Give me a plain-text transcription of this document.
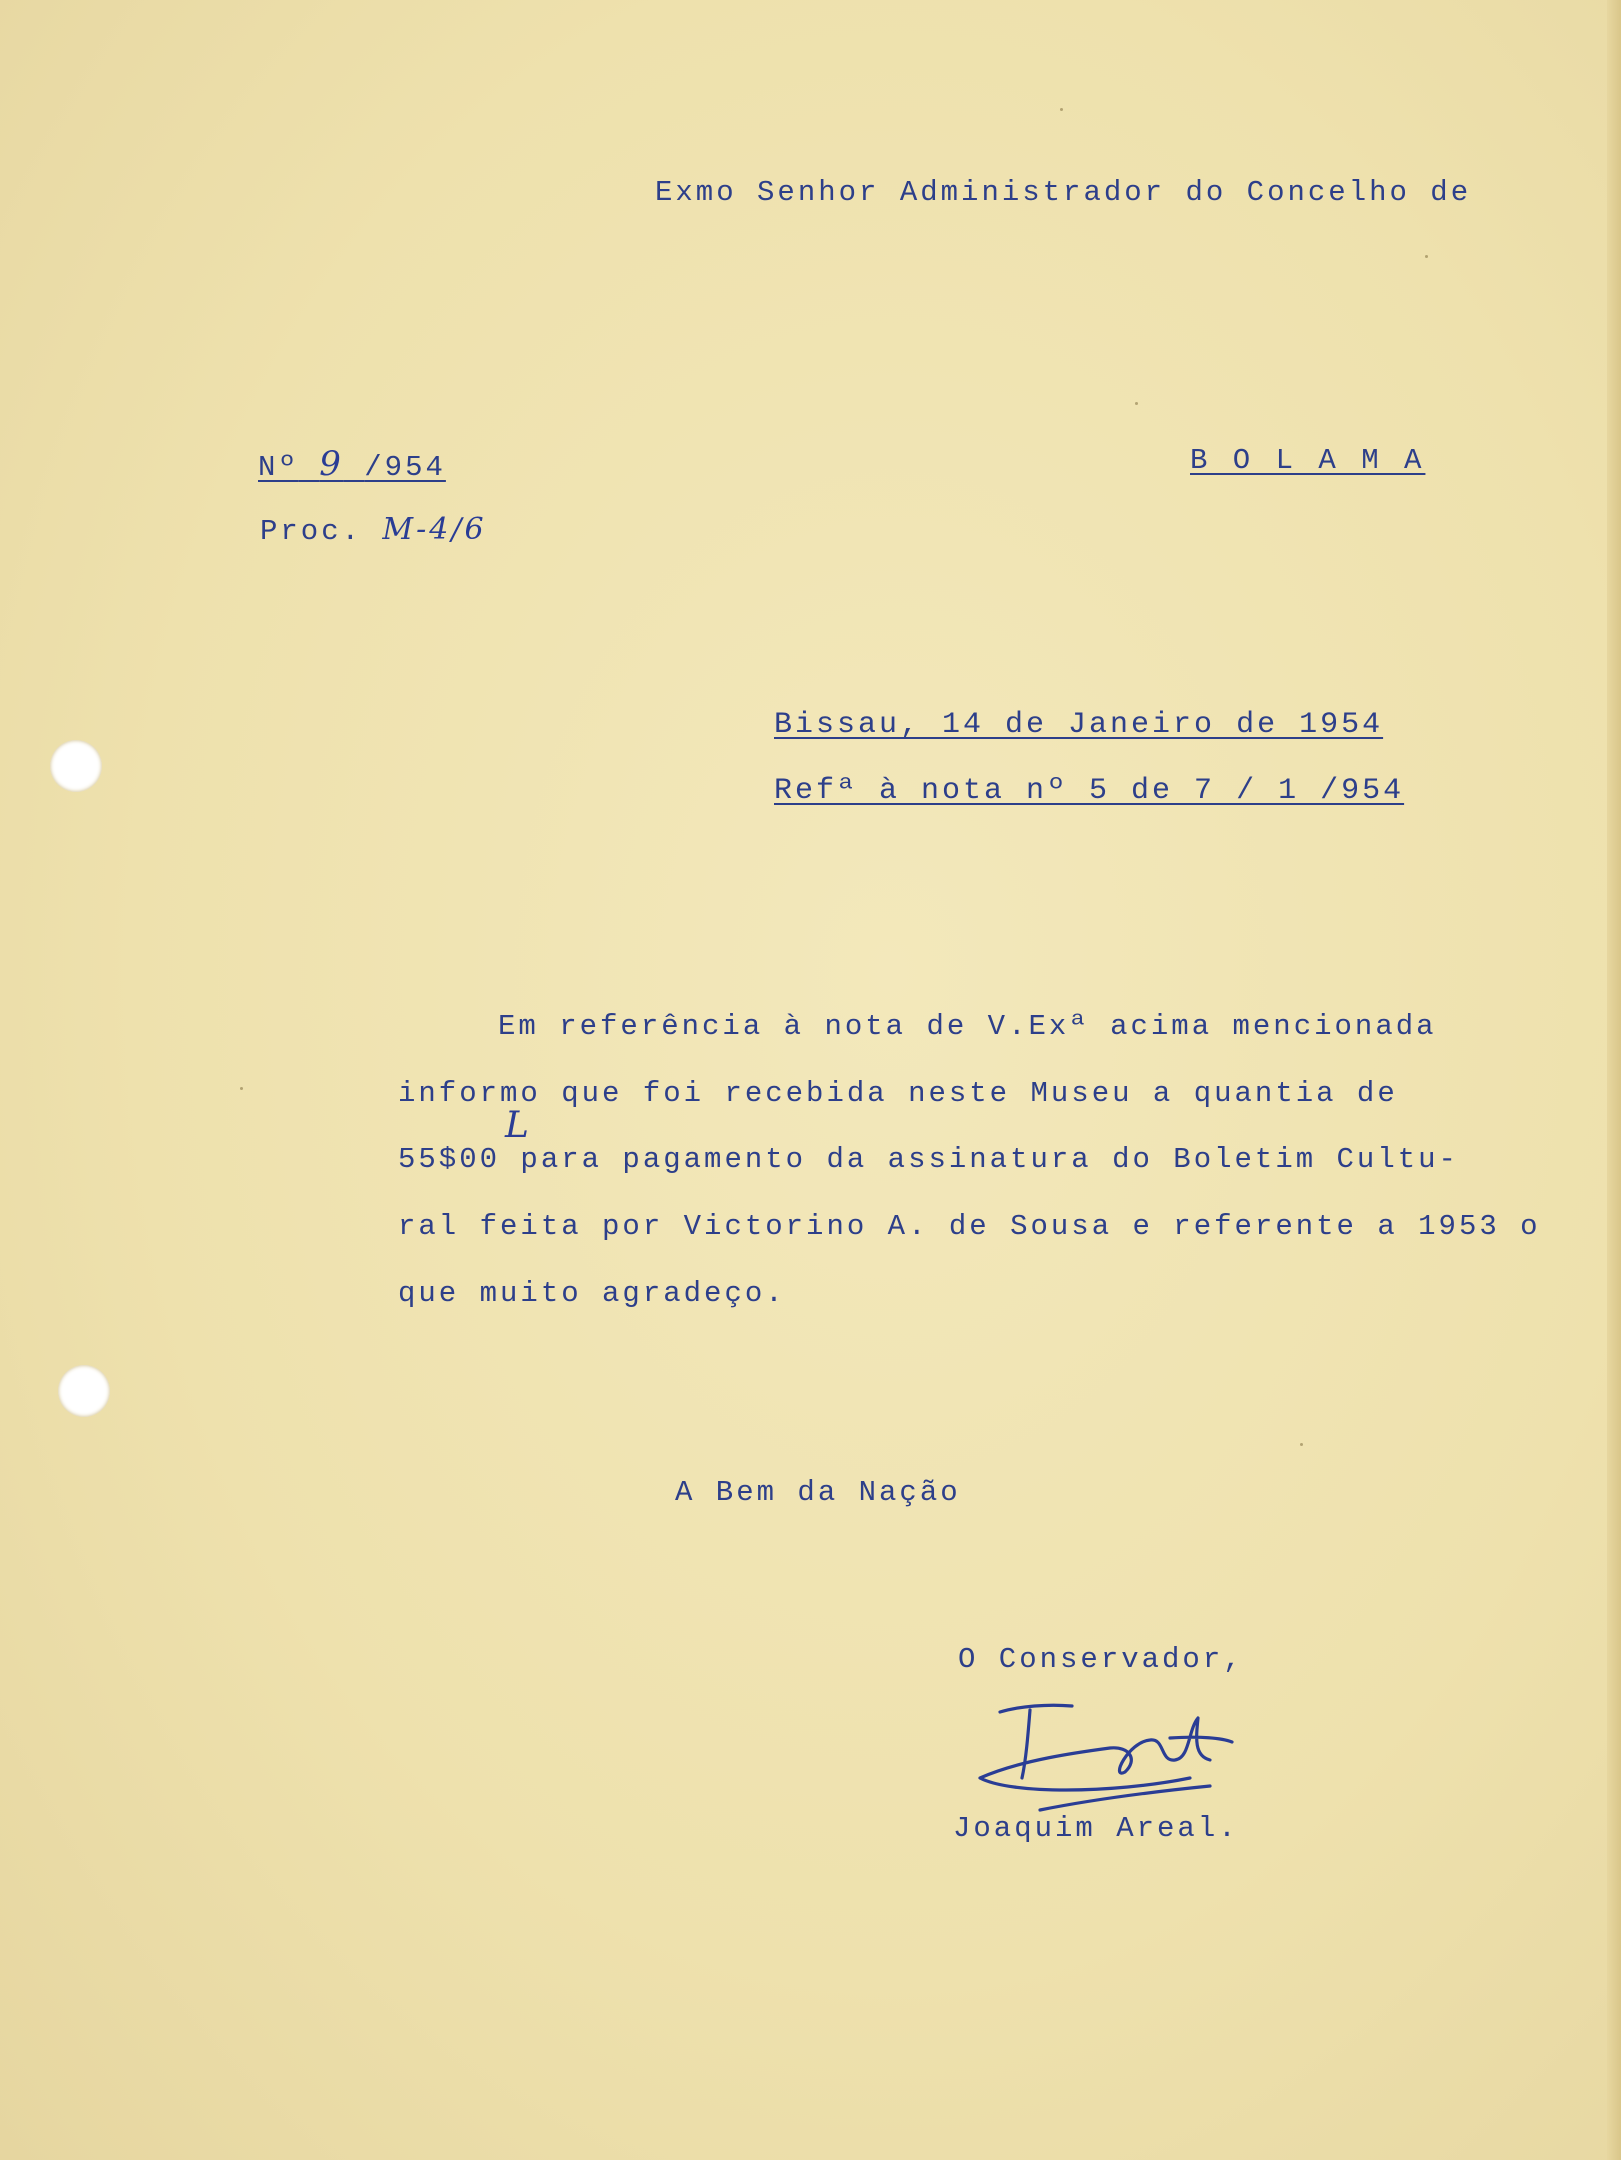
Exmo Senhor Administrador do Concelho de
Nº 9 /954
Proc. M-4/6
B O L A M A
Bissau, 14 de Janeiro de 1954
Refª à nota nº 5 de 7 / 1 /954
Em referência à nota de V.Exª acima mencionada
informo que foi recebida neste Museu a quantia de
L
55$00 para pagamento da assinatura do Boletim Cultu-
ral feita por Victorino A. de Sousa e referente a 1953 o
que muito agradeço.
A Bem da Nação
O Conservador,
Joaquim Areal.
